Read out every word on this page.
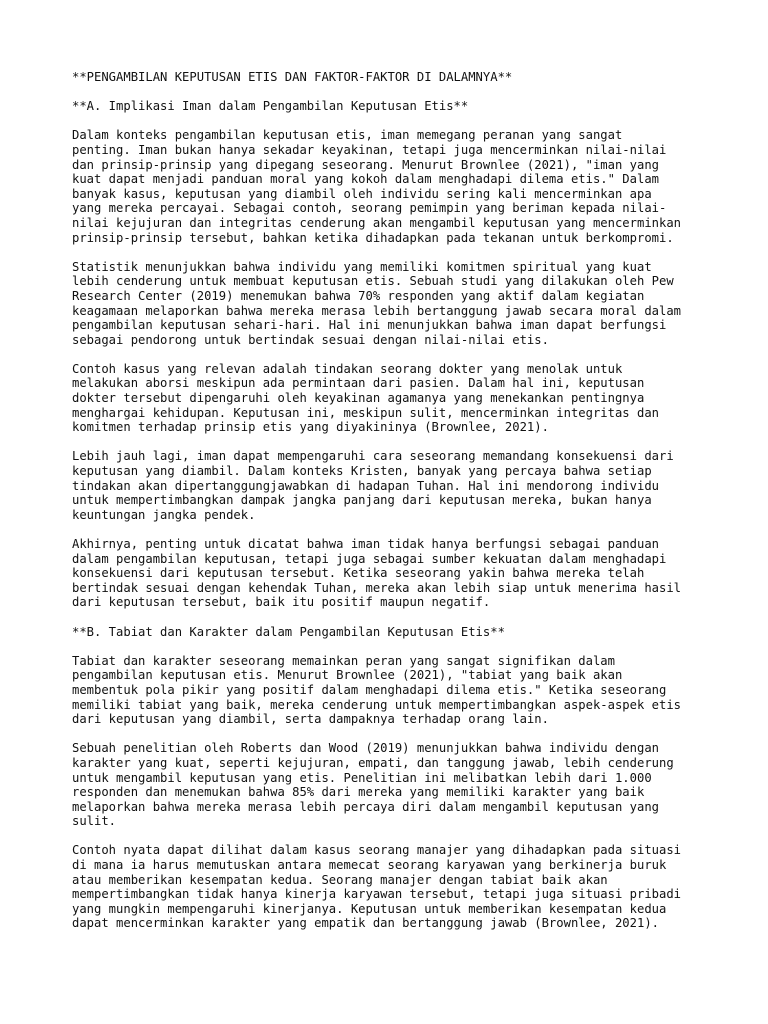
**PENGAMBILAN KEPUTUSAN ETIS DAN FAKTOR-FAKTOR DI DALAMNYA**
**A. Implikasi Iman dalam Pengambilan Keputusan Etis**
Dalam konteks pengambilan keputusan etis, iman memegang peranan yang sangat
penting. Iman bukan hanya sekadar keyakinan, tetapi juga mencerminkan nilai-nilai
dan prinsip-prinsip yang dipegang seseorang. Menurut Brownlee (2021), "iman yang
kuat dapat menjadi panduan moral yang kokoh dalam menghadapi dilema etis." Dalam
banyak kasus, keputusan yang diambil oleh individu sering kali mencerminkan apa
yang mereka percayai. Sebagai contoh, seorang pemimpin yang beriman kepada nilai-
nilai kejujuran dan integritas cenderung akan mengambil keputusan yang mencerminkan
prinsip-prinsip tersebut, bahkan ketika dihadapkan pada tekanan untuk berkompromi.
Statistik menunjukkan bahwa individu yang memiliki komitmen spiritual yang kuat
lebih cenderung untuk membuat keputusan etis. Sebuah studi yang dilakukan oleh Pew
Research Center (2019) menemukan bahwa 70% responden yang aktif dalam kegiatan
keagamaan melaporkan bahwa mereka merasa lebih bertanggung jawab secara moral dalam
pengambilan keputusan sehari-hari. Hal ini menunjukkan bahwa iman dapat berfungsi
sebagai pendorong untuk bertindak sesuai dengan nilai-nilai etis.
Contoh kasus yang relevan adalah tindakan seorang dokter yang menolak untuk
melakukan aborsi meskipun ada permintaan dari pasien. Dalam hal ini, keputusan
dokter tersebut dipengaruhi oleh keyakinan agamanya yang menekankan pentingnya
menghargai kehidupan. Keputusan ini, meskipun sulit, mencerminkan integritas dan
komitmen terhadap prinsip etis yang diyakininya (Brownlee, 2021).
Lebih jauh lagi, iman dapat mempengaruhi cara seseorang memandang konsekuensi dari
keputusan yang diambil. Dalam konteks Kristen, banyak yang percaya bahwa setiap
tindakan akan dipertanggungjawabkan di hadapan Tuhan. Hal ini mendorong individu
untuk mempertimbangkan dampak jangka panjang dari keputusan mereka, bukan hanya
keuntungan jangka pendek.
Akhirnya, penting untuk dicatat bahwa iman tidak hanya berfungsi sebagai panduan
dalam pengambilan keputusan, tetapi juga sebagai sumber kekuatan dalam menghadapi
konsekuensi dari keputusan tersebut. Ketika seseorang yakin bahwa mereka telah
bertindak sesuai dengan kehendak Tuhan, mereka akan lebih siap untuk menerima hasil
dari keputusan tersebut, baik itu positif maupun negatif.
**B. Tabiat dan Karakter dalam Pengambilan Keputusan Etis**
Tabiat dan karakter seseorang memainkan peran yang sangat signifikan dalam
pengambilan keputusan etis. Menurut Brownlee (2021), "tabiat yang baik akan
membentuk pola pikir yang positif dalam menghadapi dilema etis." Ketika seseorang
memiliki tabiat yang baik, mereka cenderung untuk mempertimbangkan aspek-aspek etis
dari keputusan yang diambil, serta dampaknya terhadap orang lain.
Sebuah penelitian oleh Roberts dan Wood (2019) menunjukkan bahwa individu dengan
karakter yang kuat, seperti kejujuran, empati, dan tanggung jawab, lebih cenderung
untuk mengambil keputusan yang etis. Penelitian ini melibatkan lebih dari 1.000
responden dan menemukan bahwa 85% dari mereka yang memiliki karakter yang baik
melaporkan bahwa mereka merasa lebih percaya diri dalam mengambil keputusan yang
sulit.
Contoh nyata dapat dilihat dalam kasus seorang manajer yang dihadapkan pada situasi
di mana ia harus memutuskan antara memecat seorang karyawan yang berkinerja buruk
atau memberikan kesempatan kedua. Seorang manajer dengan tabiat baik akan
mempertimbangkan tidak hanya kinerja karyawan tersebut, tetapi juga situasi pribadi
yang mungkin mempengaruhi kinerjanya. Keputusan untuk memberikan kesempatan kedua
dapat mencerminkan karakter yang empatik dan bertanggung jawab (Brownlee, 2021).
